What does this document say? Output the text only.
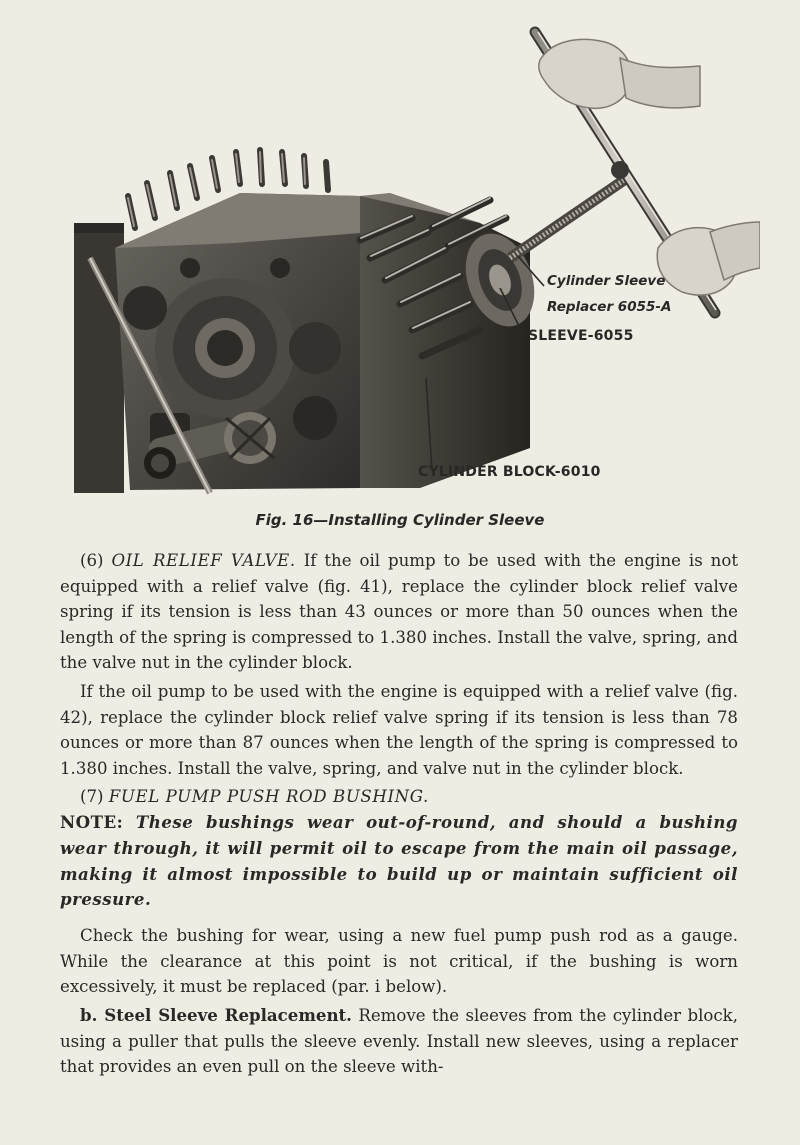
Cylinder Sleeve
Replacer 6055-A
SLEEVE-6055
CYLINDER BLOCK-6010
Fig. 16—Installing Cylinder Sleeve

(6) OIL RELIEF VALVE. If the oil pump to be used with the engine is not equipped with a relief valve (fig. 41), replace the cylinder block relief valve spring if its tension is less than 43 ounces or more than 50 ounces when the length of the spring is compressed to 1.380 inches. Install the valve, spring, and the valve nut in the cylinder block.

If the oil pump to be used with the engine is equipped with a relief valve (fig. 42), replace the cylinder block relief valve spring if its tension is less than 78 ounces or more than 87 ounces when the length of the spring is compressed to 1.380 inches. Install the valve, spring, and valve nut in the cylinder block.

(7) FUEL PUMP PUSH ROD BUSHING.

NOTE: These bushings wear out-of-round, and should a bushing wear through, it will permit oil to escape from the main oil passage, making it almost impossible to build up or maintain sufficient oil pressure.

Check the bushing for wear, using a new fuel pump push rod as a gauge. While the clearance at this point is not critical, if the bushing is worn excessively, it must be replaced (par. i below).

b. Steel Sleeve Replacement. Remove the sleeves from the cylinder block, using a puller that pulls the sleeve evenly. Install new sleeves, using a replacer that provides an even pull on the sleeve with-
